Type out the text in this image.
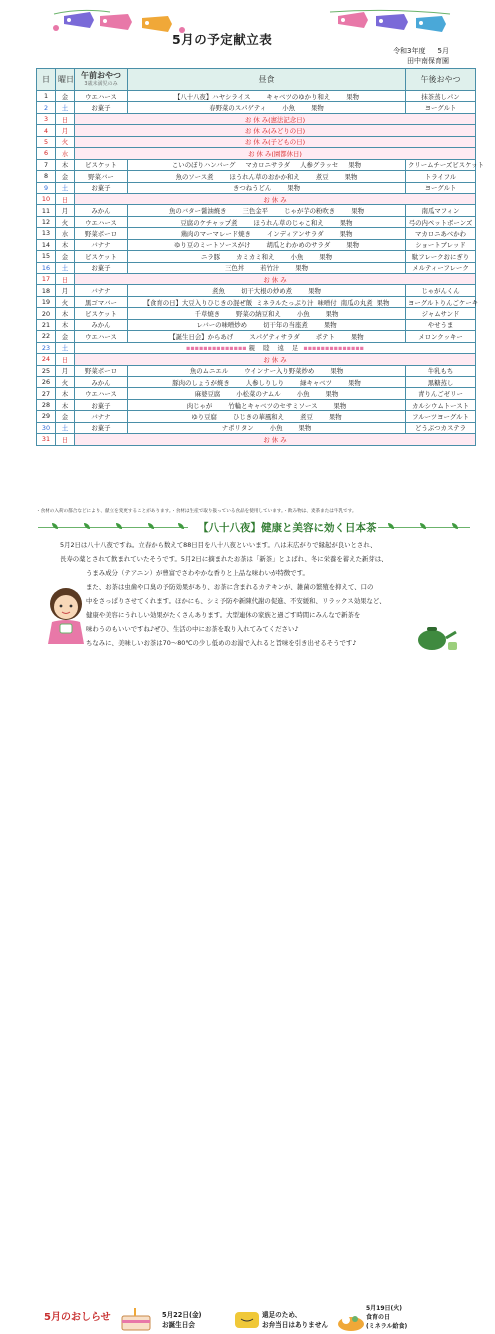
5月の予定献立表
令和3年度 5月
田中南保育園
日	曜日	午前おやつ
3歳未満児のみ	昼食	午後おやつ
1	金	ウエハース	【八十八夜】ハヤシライス キャベツのゆかり和え 果物	抹茶蒸しパン
2	土	お菓子	春野菜のスパゲティ 小魚 果物	ヨーグルト
3	日	お 休 み(憲法記念日)		
4	月	お 休 み(みどりの日)		
5	火	お 休 み(子どもの日)		
6	水	お 休 み(園都休日)		
7	木	ビスケット	こいのぼりハンバーグ マカロニサラダ 人参グラッセ 果物	クリームチーズビスケット
8	金	野菜バー	魚のソース煮 ほうれん草のおかか和え 煮豆 果物	トライフル
9	土	お菓子	きつねうどん 果物	ヨーグルト
10	日	お 休 み		
11	月	みかん	魚のバター醤油焼き 三色金平 じゃが芋の粉吹き 果物	南瓜マフィン
12	火	ウエハース	豆腐のケチャップ煮 ほうれん草のじゃこ和え 果物	弓の内ペットボーンズ
13	水	野菜ボーロ	鶏肉のマーマレード焼き インディアンサラダ 果物	マカロニあべかわ
14	木	バナナ	ゆり豆のミートソースがけ 胡瓜とわかめのサラダ 果物	ショートブレッド
15	金	ビスケット	ニラ豚 カミカミ和え 小魚 果物	駄フレークおにぎり
16	土	お菓子	三色丼 若竹汁 果物	メルティーフレーク
17	日	お 休 み		
18	月	バナナ	煮魚 切干大根の炒め煮 果物	じゃがんくん
19	火	黒ゴマバー	【食育の日】大豆入りひじきの混ぜ飯 ミネラルたっぷり汁 味噌付 南瓜の丸煮 果物	ヨーグルトりんごケーキ
20	木	ビスケット	千草焼き 野菜の納豆和え 小魚 果物	ジャムサンド
21	木	みかん	レバーの味噌炒め 切干年の当座煮 果物	やせうま
22	金	ウエハース	【誕生日会】からあげ スパゲティサラダ ポテト 果物	メロンクッキー
23	土	▪▪▪▪▪▪▪▪▪▪▪▪▪▪ 親 睦 遠 足 ▪▪▪▪▪▪▪▪▪▪▪▪▪▪		
24	日	お 休 み		
25	月	野菜ボーロ	魚のムニエル ウインナー入り野菜炒め 果物	牛乳もち
26	火	みかん	豚肉のしょうが焼き 人参しりしり 緑キャベツ 果物	黒糖蒸し
27	木	ウエハース	麻婆豆腐 小松菜のナムル 小魚 果物	青りんごゼリー
28	木	お菓子	肉じゃが 竹輪とキャベツのセサミソース 果物	カルシウムトースト
29	金	バナナ	ゆり豆腐 ひじきの華風和え 煮豆 果物	フルーツヨーグルト
30	土	お菓子	ナポリタン 小魚 果物	どうぶつカステラ
31	日	お 休 み		
・食材の入荷の都合などにより、献立を変更することがあります。・食材は生産で取り扱っている食品を使用しています。・飲み物は、麦茶または牛乳です。
【八十八夜】健康と美容に効く日本茶

5月2日は八十八夜ですね。立春から数えて88日目を八十八夜といいます。八は末広がりで縁起が良いとされ、

長寿の薬とされて飲まれていたそうです。5月2日に摘まれたお茶は「新茶」とよばれ、冬に栄養を蓄えた新芽は、

うまみ成分（テアニン）が豊富でさわやかな香りと上品な味わいが特徴です。

また、お茶は虫歯や口臭の予防効果があり、お茶に含まれるカテキンが、雑菌の繁殖を抑えて、口の

中をさっぱりさせてくれます。ほかにも、シミ予防や新陳代謝の促進、不安緩和、リラックス効果など、

健康や美容にうれしい効果がたくさんあります。大型連休の家族と過ごす時間にみんなで新茶を

味わうのもいいですね♪ぜひ、生活の中にお茶を取り入れてみてください♪

ちなみに、美味しいお茶は70〜80℃の少し低めのお湯で入れると旨味を引き出せるそうです♪

5月のおしらせ	5月22日(金)
お誕生日会
遠足のため、
お弁当日はありません
5月19日(火)
食育の日
(ミネラル給食)
